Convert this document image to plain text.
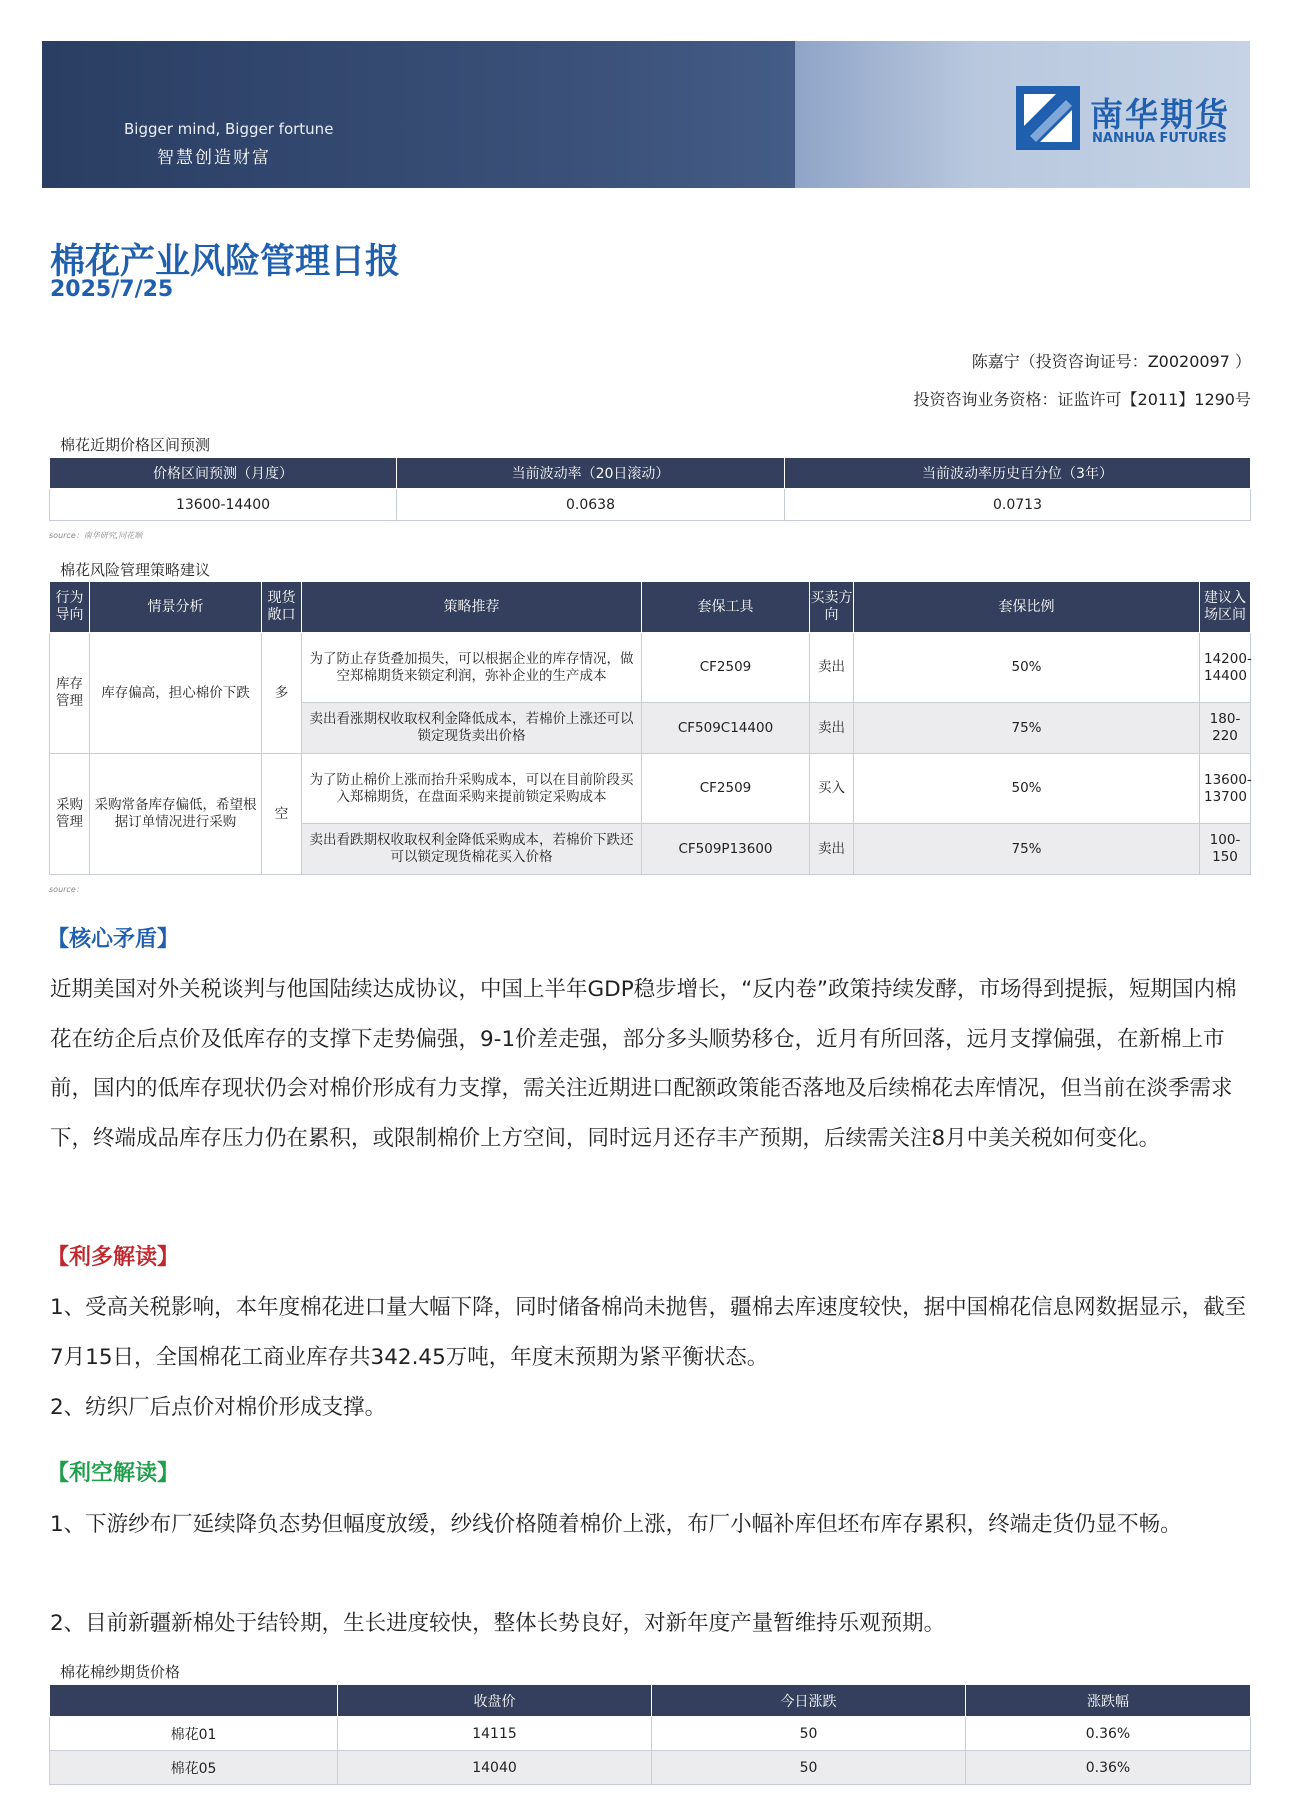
Bigger mind, Bigger fortune
智慧创造财富
南华期货
NANHUA FUTURES
棉花产业风险管理日报
2025/7/25
陈嘉宁（投资咨询证号：Z0020097 ）
投资咨询业务资格：证监许可【2011】1290号
棉花近期价格区间预测
价格区间预测（月度）	当前波动率（20日滚动）	当前波动率历史百分位（3年）
13600-14400	0.0638	0.0713
source：南华研究,同花顺
棉花风险管理策略建议
行为导向	情景分析	现货敞口	策略推荐	套保工具	买卖方向	套保比例	建议入场区间
库存管理	库存偏高，担心棉价下跌	多	为了防止存货叠加损失，可以根据企业的库存情况，做空郑棉期货来锁定利润，弥补企业的生产成本	CF2509	卖出	50%	14200-14400
			卖出看涨期权收取权利金降低成本，若棉价上涨还可以锁定现货卖出价格	CF509C14400	卖出	75%	180-220
采购管理	采购常备库存偏低，希望根据订单情况进行采购	空	为了防止棉价上涨而抬升采购成本，可以在目前阶段买入郑棉期货，在盘面采购来提前锁定采购成本	CF2509	买入	50%	13600-13700
			卖出看跌期权收取权利金降低采购成本，若棉价下跌还可以锁定现货棉花买入价格	CF509P13600	卖出	75%	100-150
source：
【核心矛盾】
近期美国对外关税谈判与他国陆续达成协议，中国上半年GDP稳步增长，“反内卷”政策持续发酵，市场得到提振，短期国内棉花在纺企后点价及低库存的支撑下走势偏强，9-1价差走强，部分多头顺势移仓，近月有所回落，远月支撑偏强，在新棉上市前，国内的低库存现状仍会对棉价形成有力支撑，需关注近期进口配额政策能否落地及后续棉花去库情况，但当前在淡季需求下，终端成品库存压力仍在累积，或限制棉价上方空间，同时远月还存丰产预期，后续需关注8月中美关税如何变化。
【利多解读】
1、受高关税影响，本年度棉花进口量大幅下降，同时储备棉尚未抛售，疆棉去库速度较快，据中国棉花信息网数据显示，截至7月15日，全国棉花工商业库存共342.45万吨，年度末预期为紧平衡状态。
2、纺织厂后点价对棉价形成支撑。
【利空解读】
1、下游纱布厂延续降负态势但幅度放缓，纱线价格随着棉价上涨，布厂小幅补库但坯布库存累积，终端走货仍显不畅。
2、目前新疆新棉处于结铃期，生长进度较快，整体长势良好，对新年度产量暂维持乐观预期。
棉花棉纱期货价格
	收盘价	今日涨跌	涨跌幅
棉花01	14115	50	0.36%
棉花05	14040	50	0.36%
